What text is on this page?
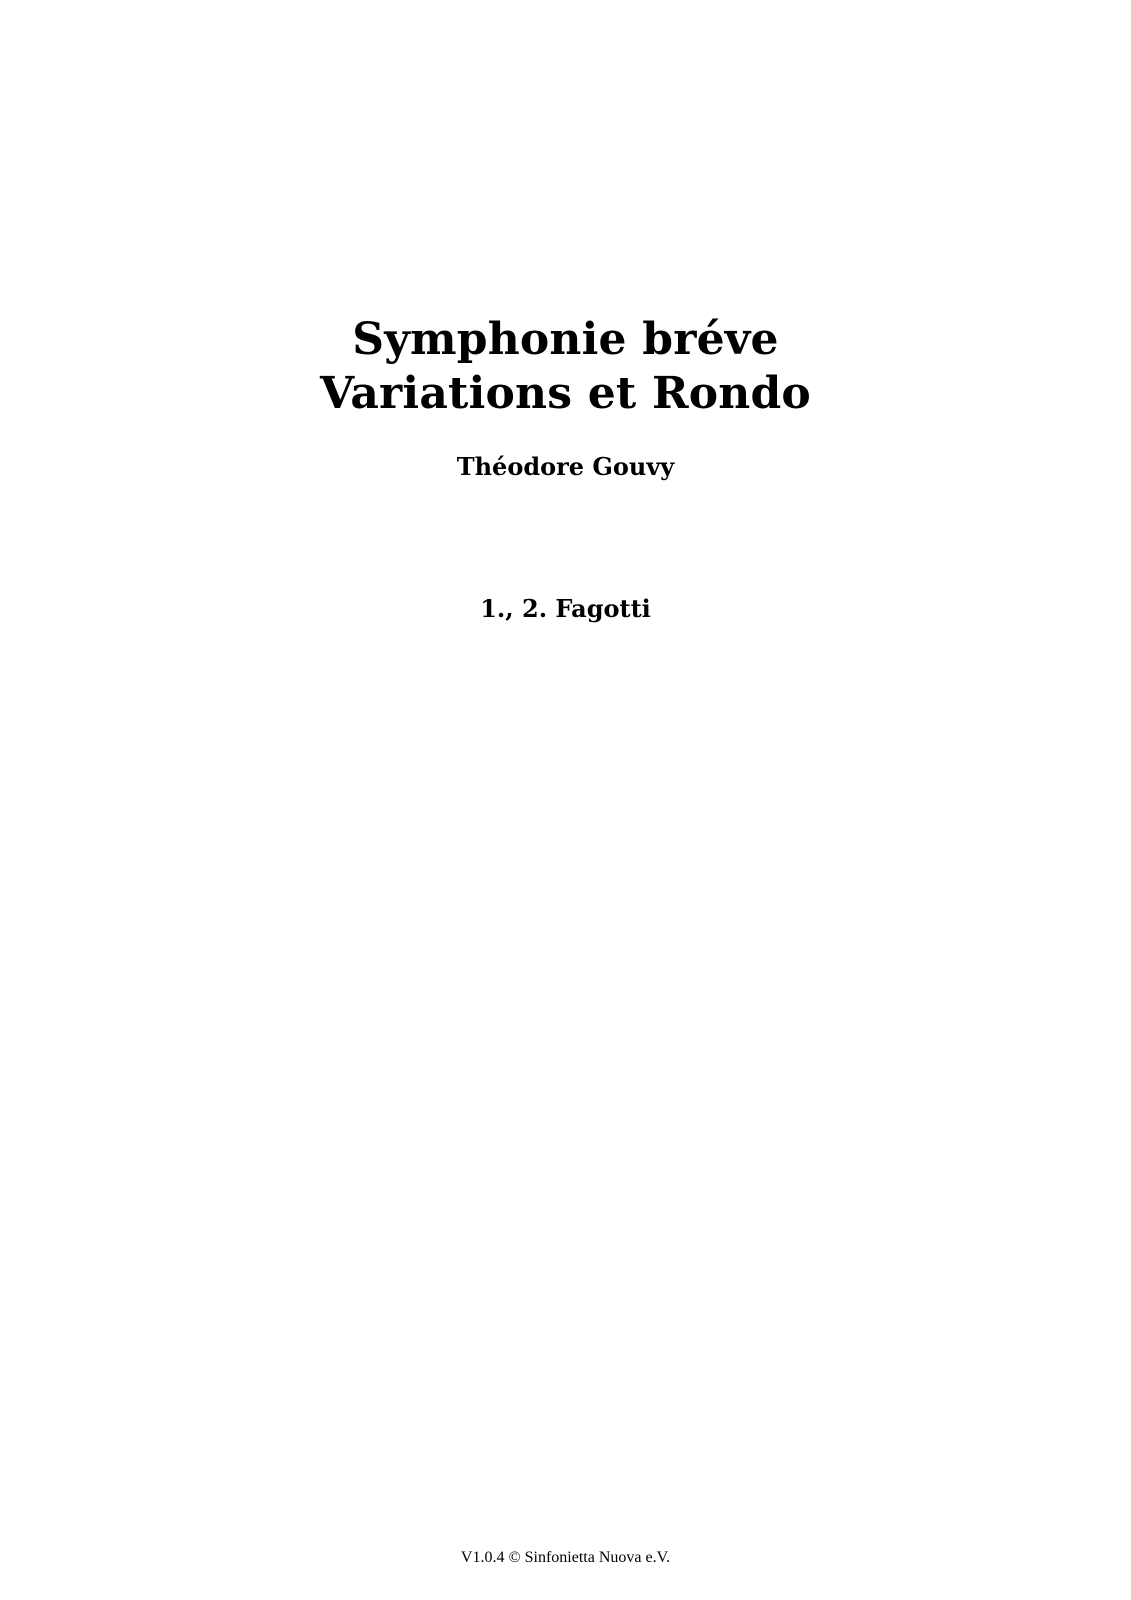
Symphonie bréve
Variations et Rondo
Théodore Gouvy
1., 2. Fagotti
V1.0.4 © Sinfonietta Nuova e.V.
